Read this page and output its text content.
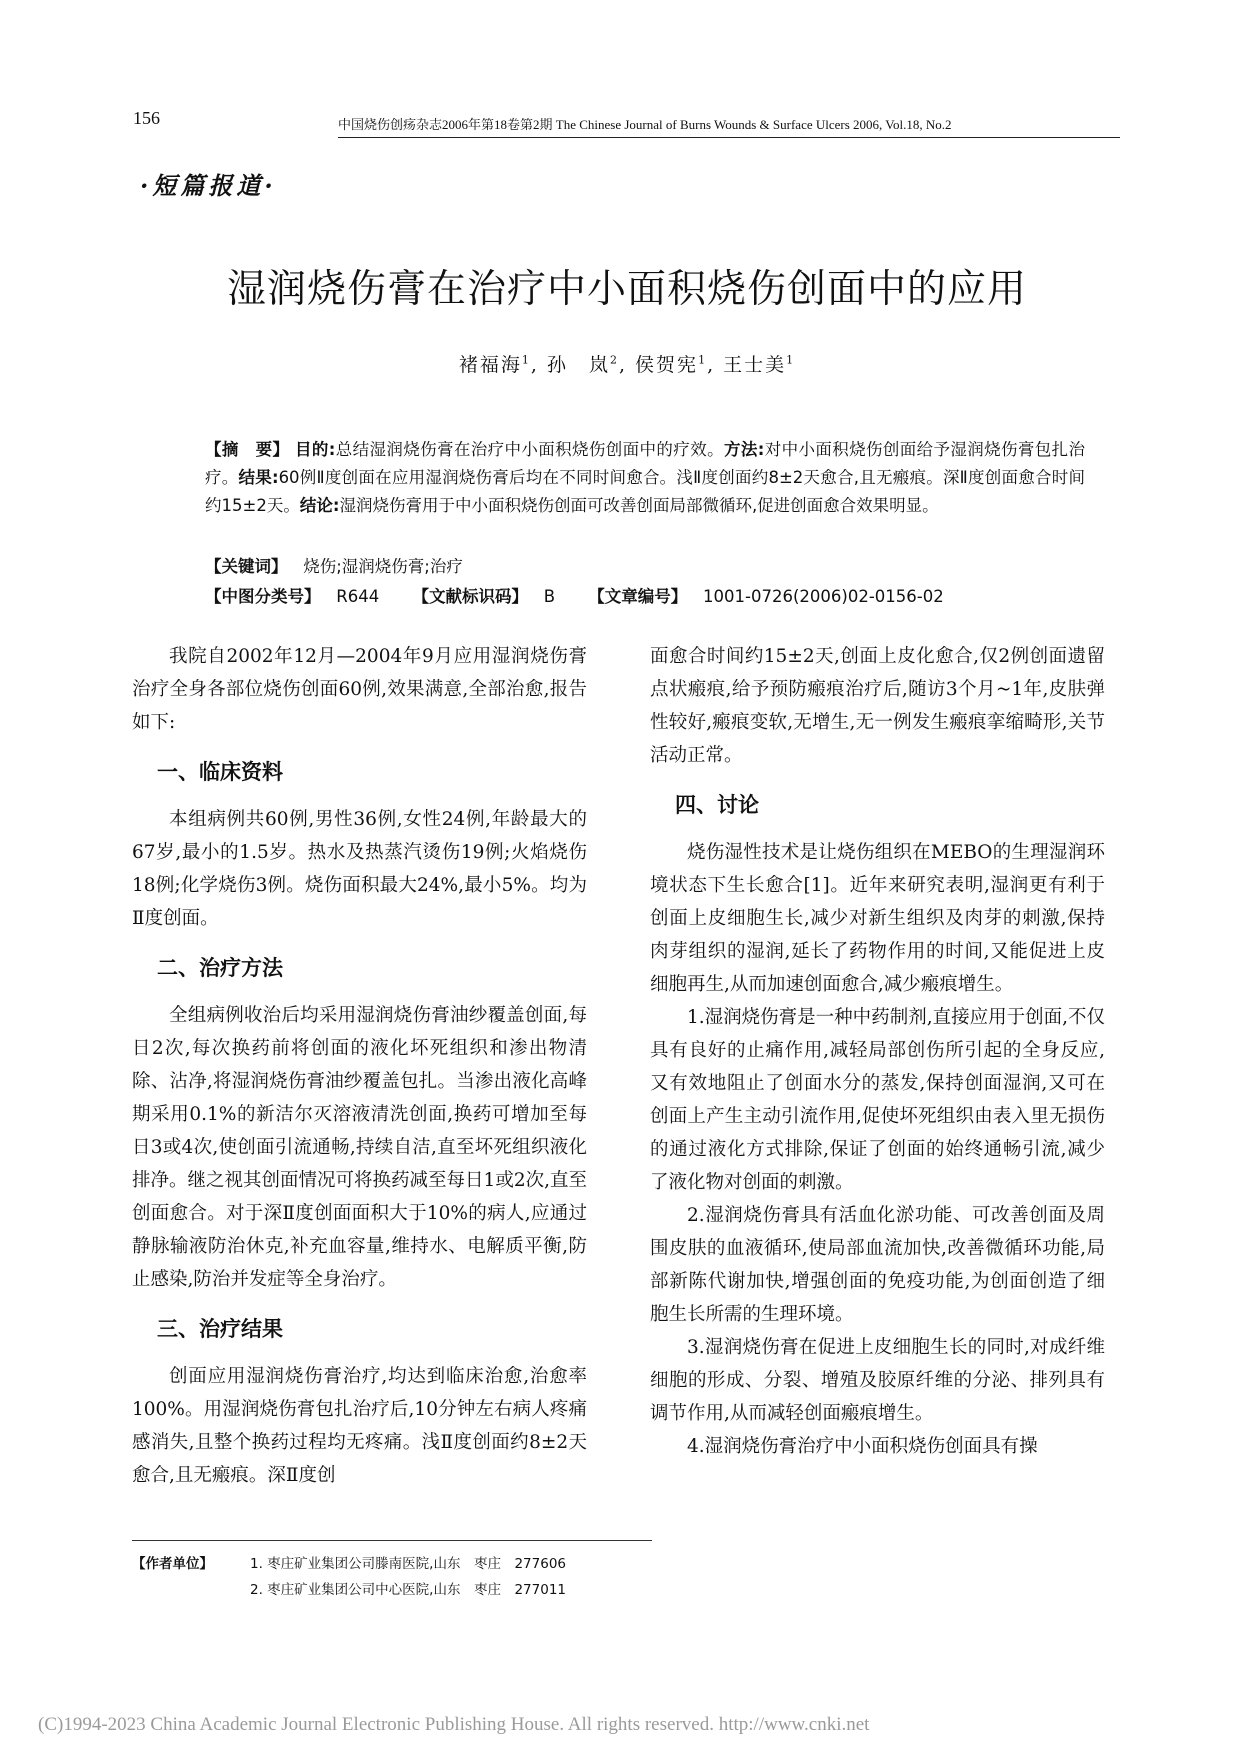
156	中国烧伤创疡杂志2006年第18卷第2期 The Chinese Journal of Burns Wounds & Surface Ulcers 2006, Vol.18, No.2
·短篇报道·
湿润烧伤膏在治疗中小面积烧伤创面中的应用
褚福海$^1$, 孙　岚$^2$, 侯贺宪$^1$, 王士美$^1$
【摘　要】 目的:总结湿润烧伤膏在治疗中小面积烧伤创面中的疗效。方法:对中小面积烧伤创面给予湿润烧伤膏包扎治疗。结果:60例Ⅱ度创面在应用湿润烧伤膏后均在不同时间愈合。浅Ⅱ度创面约8±2天愈合,且无瘢痕。深Ⅱ度创面愈合时间约15±2天。结论:湿润烧伤膏用于中小面积烧伤创面可改善创面局部微循环,促进创面愈合效果明显。
【关键词】 烧伤;湿润烧伤膏;治疗
【中图分类号】 R644 【文献标识码】 B 【文章编号】 1001-0726(2006)02-0156-02

我院自2002年12月—2004年9月应用湿润烧伤膏治疗全身各部位烧伤创面60例,效果满意,全部治愈,报告如下:

一、临床资料

本组病例共60例,男性36例,女性24例,年龄最大的67岁,最小的1.5岁。热水及热蒸汽烫伤19例;火焰烧伤18例;化学烧伤3例。烧伤面积最大24%,最小5%。均为Ⅱ度创面。

二、治疗方法

全组病例收治后均采用湿润烧伤膏油纱覆盖创面,每日2次,每次换药前将创面的液化坏死组织和渗出物清除、沾净,将湿润烧伤膏油纱覆盖包扎。当渗出液化高峰期采用0.1%的新洁尔灭溶液清洗创面,换药可增加至每日3或4次,使创面引流通畅,持续自洁,直至坏死组织液化排净。继之视其创面情况可将换药减至每日1或2次,直至创面愈合。对于深Ⅱ度创面面积大于10%的病人,应通过静脉输液防治休克,补充血容量,维持水、电解质平衡,防止感染,防治并发症等全身治疗。

三、治疗结果

创面应用湿润烧伤膏治疗,均达到临床治愈,治愈率100%。用湿润烧伤膏包扎治疗后,10分钟左右病人疼痛感消失,且整个换药过程均无疼痛。浅Ⅱ度创面约8±2天愈合,且无瘢痕。深Ⅱ度创

面愈合时间约15±2天,创面上皮化愈合,仅2例创面遗留点状瘢痕,给予预防瘢痕治疗后,随访3个月~1年,皮肤弹性较好,瘢痕变软,无增生,无一例发生瘢痕挛缩畸形,关节活动正常。

四、讨论

烧伤湿性技术是让烧伤组织在MEBO的生理湿润环境状态下生长愈合[1]。近年来研究表明,湿润更有利于创面上皮细胞生长,减少对新生组织及肉芽的刺激,保持肉芽组织的湿润,延长了药物作用的时间,又能促进上皮细胞再生,从而加速创面愈合,减少瘢痕增生。

1.湿润烧伤膏是一种中药制剂,直接应用于创面,不仅具有良好的止痛作用,减轻局部创伤所引起的全身反应,又有效地阻止了创面水分的蒸发,保持创面湿润,又可在创面上产生主动引流作用,促使坏死组织由表入里无损伤的通过液化方式排除,保证了创面的始终通畅引流,减少了液化物对创面的刺激。

2.湿润烧伤膏具有活血化淤功能、可改善创面及周围皮肤的血液循环,使局部血流加快,改善微循环功能,局部新陈代谢加快,增强创面的免疫功能,为创面创造了细胞生长所需的生理环境。

3.湿润烧伤膏在促进上皮细胞生长的同时,对成纤维细胞的形成、分裂、增殖及胶原纤维的分泌、排列具有调节作用,从而减轻创面瘢痕增生。

4.湿润烧伤膏治疗中小面积烧伤创面具有操

【作者单位】	1. 枣庄矿业集团公司滕南医院,山东　枣庄　277606
2. 枣庄矿业集团公司中心医院,山东　枣庄　277011
(C)1994-2023 China Academic Journal Electronic Publishing House. All rights reserved. http://www.cnki.net
